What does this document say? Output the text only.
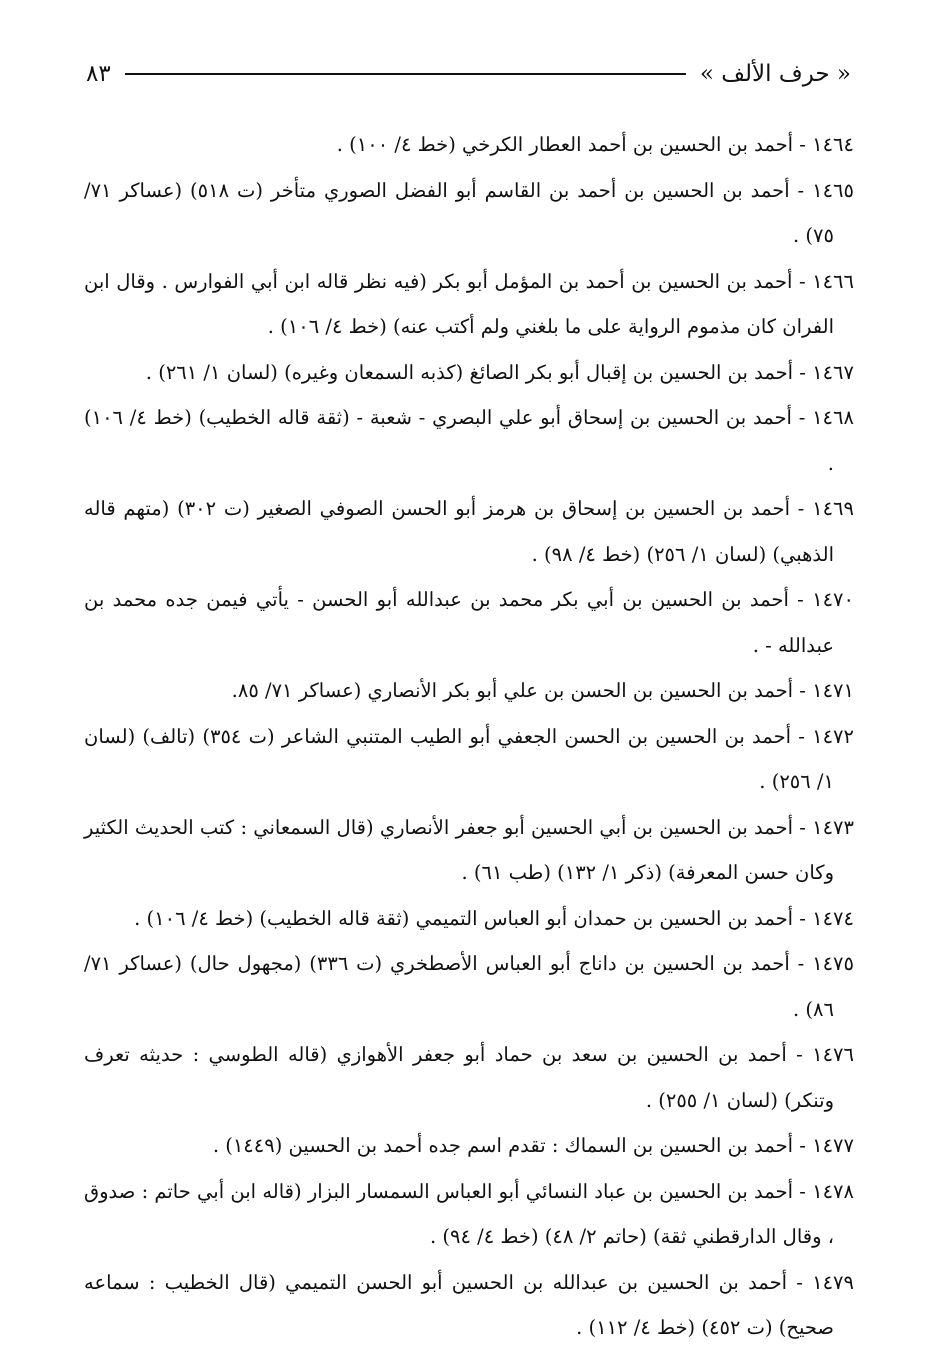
« حرف الألف »
٨٣

١٤٦٤ - أحمد بن الحسين بن أحمد العطار الكرخي (خط ٤/ ١٠٠) .

١٤٦٥ - أحمد بن الحسين بن أحمد بن القاسم أبو الفضل الصوري متأخر (ت ٥١٨) (عساكر ٧١/ ٧٥) .

١٤٦٦ - أحمد بن الحسين بن أحمد بن المؤمل أبو بكر (فيه نظر قاله ابن أبي الفوارس . وقال ابن الفران كان مذموم الرواية على ما بلغني ولم أكتب عنه) (خط ٤/ ١٠٦) .

١٤٦٧ - أحمد بن الحسين بن إقبال أبو بكر الصائغ (كذبه السمعان وغيره) (لسان ١/ ٢٦١) .

١٤٦٨ - أحمد بن الحسين بن إسحاق أبو علي البصري - شعبة - (ثقة قاله الخطيب) (خط ٤/ ١٠٦) .

١٤٦٩ - أحمد بن الحسين بن إسحاق بن هرمز أبو الحسن الصوفي الصغير (ت ٣٠٢) (متهم قاله الذهبي) (لسان ١/ ٢٥٦) (خط ٤/ ٩٨) .

١٤٧٠ - أحمد بن الحسين بن أبي بكر محمد بن عبدالله أبو الحسن - يأتي فيمن جده محمد بن عبدالله - .

١٤٧١ - أحمد بن الحسين بن الحسن بن علي أبو بكر الأنصاري (عساكر ٧١/ ٨٥.

١٤٧٢ - أحمد بن الحسين بن الحسن الجعفي أبو الطيب المتنبي الشاعر (ت ٣٥٤) (تالف) (لسان ١/ ٢٥٦) .

١٤٧٣ - أحمد بن الحسين بن أبي الحسين أبو جعفر الأنصاري (قال السمعاني : كتب الحديث الكثير وكان حسن المعرفة) (ذكر ١/ ١٣٢) (طب ٦١) .

١٤٧٤ - أحمد بن الحسين بن حمدان أبو العباس التميمي (ثقة قاله الخطيب) (خط ٤/ ١٠٦) .

١٤٧٥ - أحمد بن الحسين بن داناج أبو العباس الأصطخري (ت ٣٣٦) (مجهول حال) (عساكر ٧١/ ٨٦) .

١٤٧٦ - أحمد بن الحسين بن سعد بن حماد أبو جعفر الأهوازي (قاله الطوسي : حديثه تعرف وتنكر) (لسان ١/ ٢٥٥) .

١٤٧٧ - أحمد بن الحسين بن السماك : تقدم اسم جده أحمد بن الحسين (١٤٤٩) .

١٤٧٨ - أحمد بن الحسين بن عباد النسائي أبو العباس السمسار البزار (قاله ابن أبي حاتم : صدوق ، وقال الدارقطني ثقة) (حاتم ٢/ ٤٨) (خط ٤/ ٩٤) .

١٤٧٩ - أحمد بن الحسين بن عبدالله بن الحسين أبو الحسن التميمي (قال الخطيب : سماعه صحيح) (ت ٤٥٢) (خط ٤/ ١١٢) .
